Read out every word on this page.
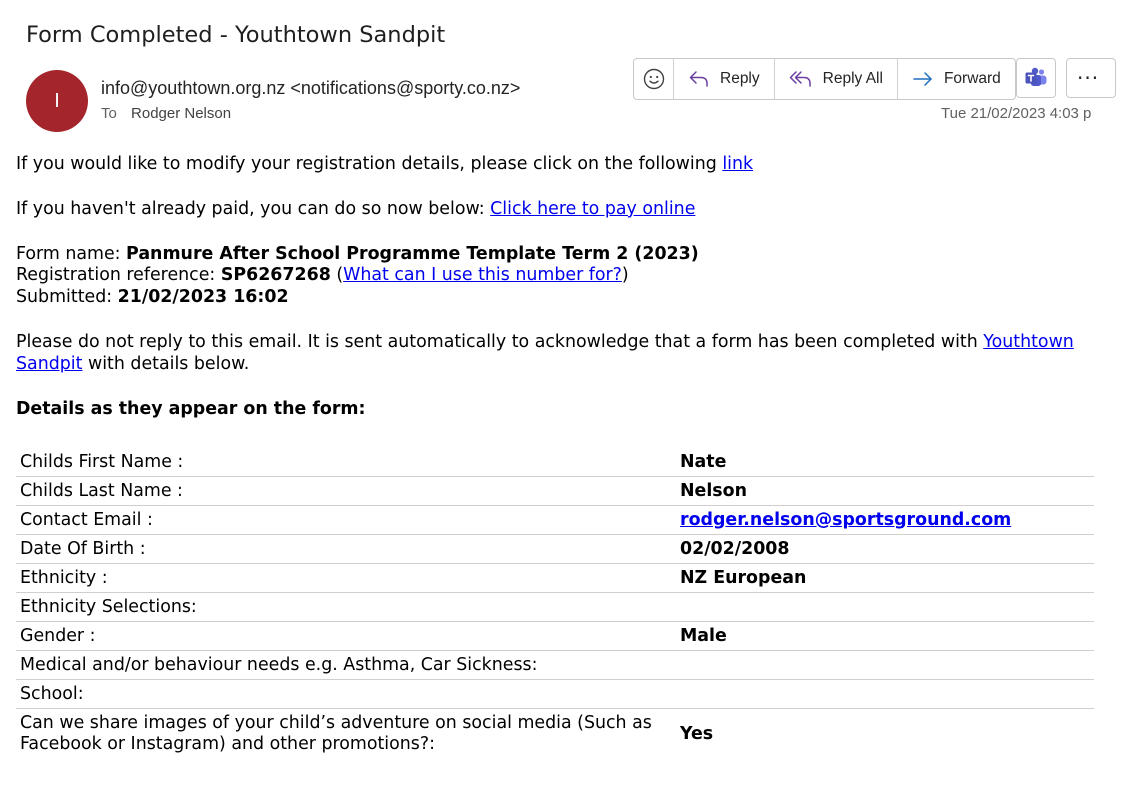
Form Completed - Youthtown Sandpit
I
info@youthtown.org.nz <notifications@sporty.co.nz>
To Rodger Nelson
Reply	Reply All	Forward	···
Tue 21/02/2023 4:03 p

If you would like to modify your registration details, please click on the following link

If you haven't already paid, you can do so now below: Click here to pay online

Form name: Panmure After School Programme Template Term 2 (2023)

Registration reference: SP6267268 (What can I use this number for?)

Submitted: 21/02/2023 16:02

Please do not reply to this email. It is sent automatically to acknowledge that a form has been completed with Youthtown Sandpit with details below.

Details as they appear on the form:

Childs First Name :	Nate
Childs Last Name :	Nelson
Contact Email :	rodger.nelson@sportsground.com
Date Of Birth :	02/02/2008
Ethnicity :	NZ European
Ethnicity Selections:	
Gender :	Male
Medical and/or behaviour needs e.g. Asthma, Car Sickness:	
School:	
Can we share images of your child’s adventure on social media (Such as Facebook or Instagram) and other promotions?:	Yes
